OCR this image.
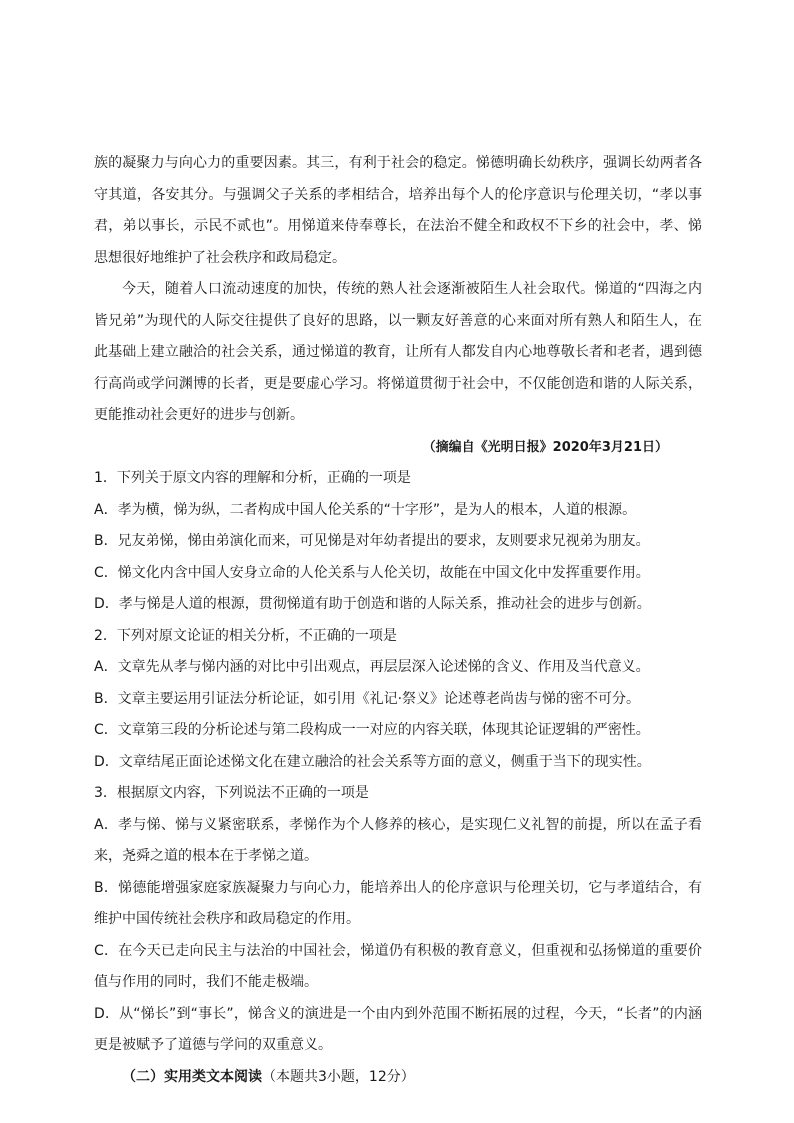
族的凝聚力与向心力的重要因素。其三，有利于社会的稳定。悌德明确长幼秩序，强调长幼两者各守其道，各安其分。与强调父子关系的孝相结合，培养出每个人的伦序意识与伦理关切，“孝以事君，弟以事长，示民不贰也”。用悌道来侍奉尊长，在法治不健全和政权不下乡的社会中，孝、悌思想很好地维护了社会秩序和政局稳定。

今天，随着人口流动速度的加快，传统的熟人社会逐渐被陌生人社会取代。悌道的“四海之内皆兄弟”为现代的人际交往提供了良好的思路，以一颗友好善意的心来面对所有熟人和陌生人，在此基础上建立融洽的社会关系，通过悌道的教育，让所有人都发自内心地尊敬长者和老者，遇到德行高尚或学问渊博的长者，更是要虚心学习。将悌道贯彻于社会中，不仅能创造和谐的人际关系，更能推动社会更好的进步与创新。

（摘编自《光明日报》2020年3月21日）

1．下列关于原文内容的理解和分析，正确的一项是

A．孝为横，悌为纵，二者构成中国人伦关系的“十字形”，是为人的根本，人道的根源。

B．兄友弟悌，悌由弟演化而来，可见悌是对年幼者提出的要求，友则要求兄视弟为朋友。

C．悌文化内含中国人安身立命的人伦关系与人伦关切，故能在中国文化中发挥重要作用。

D．孝与悌是人道的根源，贯彻悌道有助于创造和谐的人际关系，推动社会的进步与创新。

2．下列对原文论证的相关分析，不正确的一项是

A．文章先从孝与悌内涵的对比中引出观点，再层层深入论述悌的含义、作用及当代意义。

B．文章主要运用引证法分析论证，如引用《礼记·祭义》论述尊老尚齿与悌的密不可分。

C．文章第三段的分析论述与第二段构成一一对应的内容关联，体现其论证逻辑的严密性。

D．文章结尾正面论述悌文化在建立融洽的社会关系等方面的意义，侧重于当下的现实性。

3．根据原文内容，下列说法不正确的一项是

A．孝与悌、悌与义紧密联系，孝悌作为个人修养的核心，是实现仁义礼智的前提，所以在孟子看来，尧舜之道的根本在于孝悌之道。

B．悌德能增强家庭家族凝聚力与向心力，能培养出人的伦序意识与伦理关切，它与孝道结合，有维护中国传统社会秩序和政局稳定的作用。

C．在今天已走向民主与法治的中国社会，悌道仍有积极的教育意义，但重视和弘扬悌道的重要价值与作用的同时，我们不能走极端。

D．从“悌长”到“事长”，悌含义的演进是一个由内到外范围不断拓展的过程，今天，“长者”的内涵更是被赋予了道德与学问的双重意义。

（二）实用类文本阅读（本题共3小题，12分）
